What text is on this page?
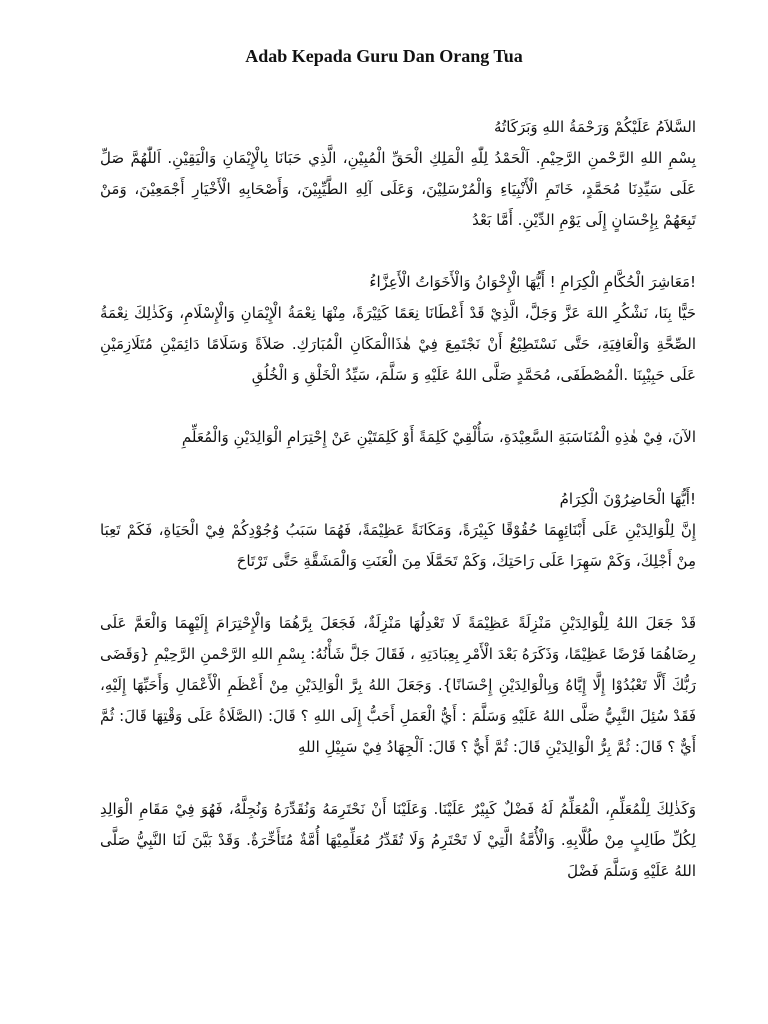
Adab Kepada Guru Dan Orang Tua

السَّلاَمُ عَلَيْكُمْ وَرَحْمَةُ اللهِ وَبَرَكَاتُهُ

بِسْمِ اللهِ الرَّحْمنِ الرَّحِيْمِ. اَلْحَمْدُ لِلّٰهِ الْمَلِكِ الْحَقِّ الْمُبِيْنِ، الَّذِي حَبَانَا بِالْإِيْمَانِ وَالْيَقِيْنِ. اَللّٰهُمَّ صَلِّ عَلَى سَيِّدِنَا مُحَمَّدٍ، خَاتَمِ الْأَنْبِيَاءِ وَالْمُرْسَلِيْنَ، وَعَلَى آلِهِ الطَّيِّبِيْنَ، وَأَصْحَابِهِ الْأَخْيَارِ أَجْمَعِيْنَ، وَمَنْ تَبِعَهُمْ بِإِحْسَانٍ إِلَى يَوْمِ الدِّيْنِ. أَمَّا بَعْدُ

!مَعَاشِرَ الْحُكَّامِ الْكِرَامِ ! أَيُّهَا الْإِخْوَانُ وَالْأَخَوَاتُ الْأَعِزَّاءُ

حَيًّا بِنَا، نَشْكُرِ اللهَ عَزَّ وَجَلَّ، الَّذِيْ قَدْ أَعْطَانَا نِعَمًا كَثِيْرَةً، مِنْهَا نِعْمَةُ الْإِيْمَانِ وَالْإِسْلَامِ، وَكَذٰلِكَ نِعْمَةُ الصِّحَّةِ وَالْعَافِيَةِ، حَتَّى نَسْتَطِيْعُ أَنْ نَجْتَمِعَ فِيْ هٰذَاالْمَكَانِ الْمُبَارَكِ. صَلاَةً وَسَلَامًا دَائِمَيْنِ مُتَلَازِمَيْنِ عَلَى حَبِيْبِنَا .الْمُصْطَفَى، مُحَمَّدٍ صَلَّى اللهُ عَلَيْهِ وَ سَلَّمَ، سَيِّدُ الْخَلْقِ وَ الْخُلُقِ

الآنَ، فِيْ هٰذِهِ الْمُنَاسَبَةِ السَّعِيْدَةِ، سَأُلْقِيْ كَلِمَةً أَوْ كَلِمَتَيْنِ عَنْ إِحْتِرَامِ الْوَالِدَيْنِ وَالْمُعَلِّمِ

!أَيُّهَا الْحَاضِرُوْنَ الْكِرَامُ

إِنَّ لِلْوَالِدَيْنِ عَلَى أَبْنَائِهِمَا حُقُوْقًا كَبِيْرَةً، وَمَكَانَةً عَظِيْمَةً، فَهُمَا سَبَبُ وُجُوْدِكُمْ فِيْ الْحَيَاةِ، فَكَمْ تَعِبَا مِنْ أَجْلِكَ، وَكَمْ سَهِرَا عَلَى رَاحَتِكَ، وَكَمْ تَحَمَّلَا مِنَ الْعَنَتِ وَالْمَشَقَّةِ حَتَّى تَرْتَاحَ

قَدْ جَعَلَ اللهُ لِلْوَالِدَيْنِ مَنْزِلَةً عَظِيْمَةً لَا تَعْدِلُهَا مَنْزِلَةٌ، فَجَعَلَ بِرَّهُمَا وَالْإِحْتِرَامَ إِلَيْهِمَا وَالْعَمَّ عَلَى رِضَاهُمَا فَرْضًا عَظِيْمًا، وَذَكَرَهُ بَعْدَ الْأَمْرِ بِعِبَادَتِهِ ، فَقَالَ جَلَّ شَأْنُهُ: بِسْمِ اللهِ الرَّحْمنِ الرَّحِيْمِ {وَقَضَى رَبُّكَ أَلَّا تَعْبُدُوْا إِلَّا إِيَّاهُ وَبِالْوَالِدَيْنِ إِحْسَانًا}. وَجَعَلَ اللهُ بِرَّ الْوَالِدَيْنِ مِنْ أَعْظَمِ الْأَعْمَالِ وَأَحَبِّهَا إِلَيْهِ، فَقَدْ سُئِلَ النَّبِيُّ صَلَّى اللهُ عَلَيْهِ وَسَلَّمَ : أَيُّ الْعَمَلِ أَحَبُّ إِلَى اللهِ ؟ قَالَ: (الصَّلَاةُ عَلَى وَقْتِهَا قَالَ: ثُمَّ أَيٌّ ؟ قَالَ: ثُمَّ بِرُّ الْوَالِدَيْنِ قَالَ: ثُمَّ أَيٌّ ؟ قَالَ: اَلْجِهَادُ فِيْ سَبِيْلِ اللهِ

وَكَذٰلِكَ لِلْمُعَلِّمِ، الْمُعَلِّمُ لَهُ فَضْلٌ كَبِيْرٌ عَلَيْنَا. وَعَلَيْنَا أَنْ نَحْتَرِمَهُ وَنُقَدِّرَهُ وَنُجِلَّهُ، فَهُوَ فِيْ مَقَامِ الْوَالِدِ لِكُلِّ طَالِبٍ مِنْ طُلَّابِهِ. وَالْأُمَّةُ الَّتِيْ لَا تَحْتَرِمُ وَلَا تُقَدِّرُ مُعَلِّمِيْهَا أُمَّةٌ مُتَأَخِّرَةٌ. وَقَدْ بَيَّنَ لَنَا النَّبِيُّ صَلَّى اللهُ عَلَيْهِ وَسَلَّمَ فَضْلَ
